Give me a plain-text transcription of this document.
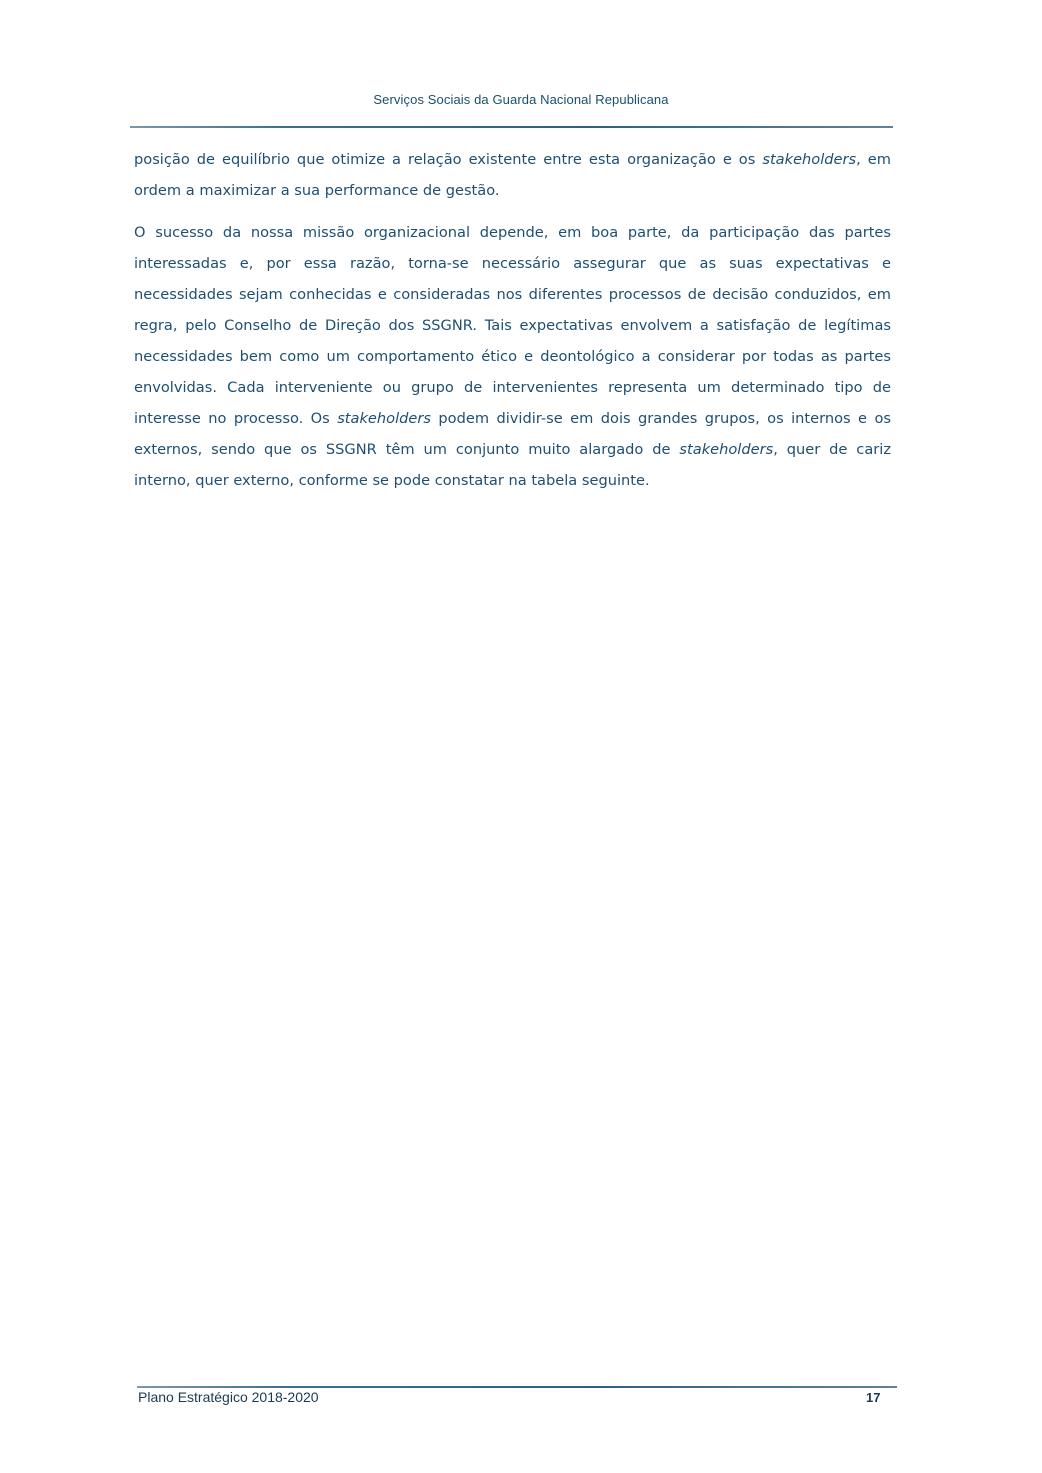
Serviços Sociais da Guarda Nacional Republicana

posição de equilíbrio que otimize a relação existente entre esta organização e os stakeholders, em ordem a maximizar a sua performance de gestão.

O sucesso da nossa missão organizacional depende, em boa parte, da participação das partes interessadas e, por essa razão, torna-se necessário assegurar que as suas expectativas e necessidades sejam conhecidas e consideradas nos diferentes processos de decisão conduzidos, em regra, pelo Conselho de Direção dos SSGNR. Tais expectativas envolvem a satisfação de legítimas necessidades bem como um comportamento ético e deontológico a considerar por todas as partes envolvidas. Cada interveniente ou grupo de intervenientes representa um determinado tipo de interesse no processo. Os stakeholders podem dividir-se em dois grandes grupos, os internos e os externos, sendo que os SSGNR têm um conjunto muito alargado de stakeholders, quer de cariz interno, quer externo, conforme se pode constatar na tabela seguinte.

Plano Estratégico 2018-2020	17
